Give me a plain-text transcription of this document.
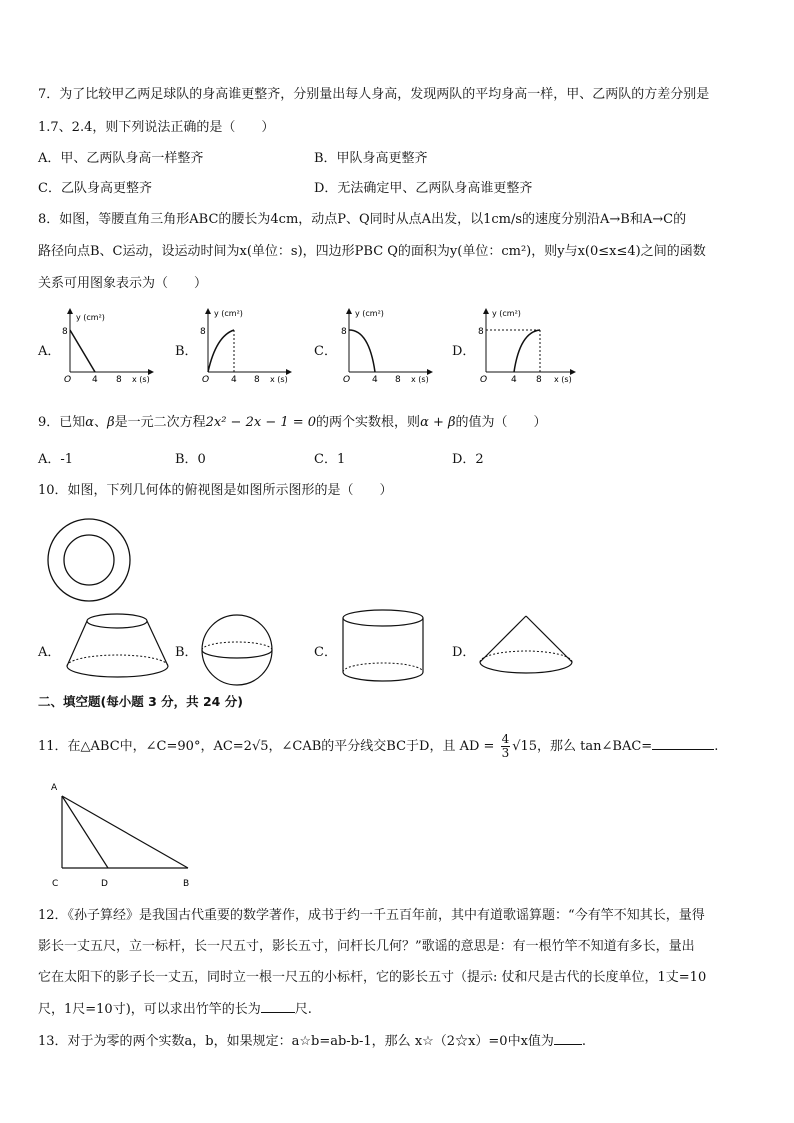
7．为了比较甲乙两足球队的身高谁更整齐，分别量出每人身高，发现两队的平均身高一样，甲、乙两队的方差分别是
1.7、2.4，则下列说法正确的是（　　）
A．甲、乙两队身高一样整齐	B．甲队身高更整齐
C．乙队身高更整齐	D．无法确定甲、乙两队身高谁更整齐
8．如图，等腰直角三角形ABC的腰长为4cm，动点P、Q同时从点A出发，以1cm/s的速度分别沿A→B和A→C的
路径向点B、C运动，设运动时间为x(单位：s)，四边形PBC Q的面积为y(单位：cm²)，则y与x(0≤x≤4)之间的函数
关系可用图象表示为（　　）
A．
8
y (cm²)
O 4 8 x (s)
B．
8
y (cm²)
O 4 8 x (s)
C．
8
y (cm²)
O 4 8 x (s)
D．
8
y (cm²)
O	4 8 x (s)
9．已知α、β是一元二次方程2x² − 2x − 1 = 0的两个实数根，则α + β的值为（　　）
A．-1	B．0	C．1	D．2
10．如图，下列几何体的俯视图是如图所示图形的是（　　）
A．	B．	C．	D．
二、填空题(每小题 3 分，共 24 分)
11．在△ABC中，∠C=90°，AC=2√5，∠CAB的平分线交BC于D，且 AD = $\frac{4}{3} √15$，那么 tan∠BAC=	.
A
C	D	B
12．《孙子算经》是我国古代重要的数学著作，成书于约一千五百年前，其中有道歌谣算题：“今有竿不知其长，量得
影长一丈五尺，立一标杆，长一尺五寸，影长五寸，问杆长几何？”歌谣的意思是：有一根竹竿不知道有多长，量出
它在太阳下的影子长一丈五，同时立一根一尺五的小标杆，它的影长五寸（提示: 仗和尺是古代的长度单位，1丈=10
尺，1尺=10寸)，可以求出竹竿的长为	尺.
13．对于为零的两个实数a，b，如果规定：a☆b=ab-b-1，那么 x☆（2☆x）=0中x值为 .
